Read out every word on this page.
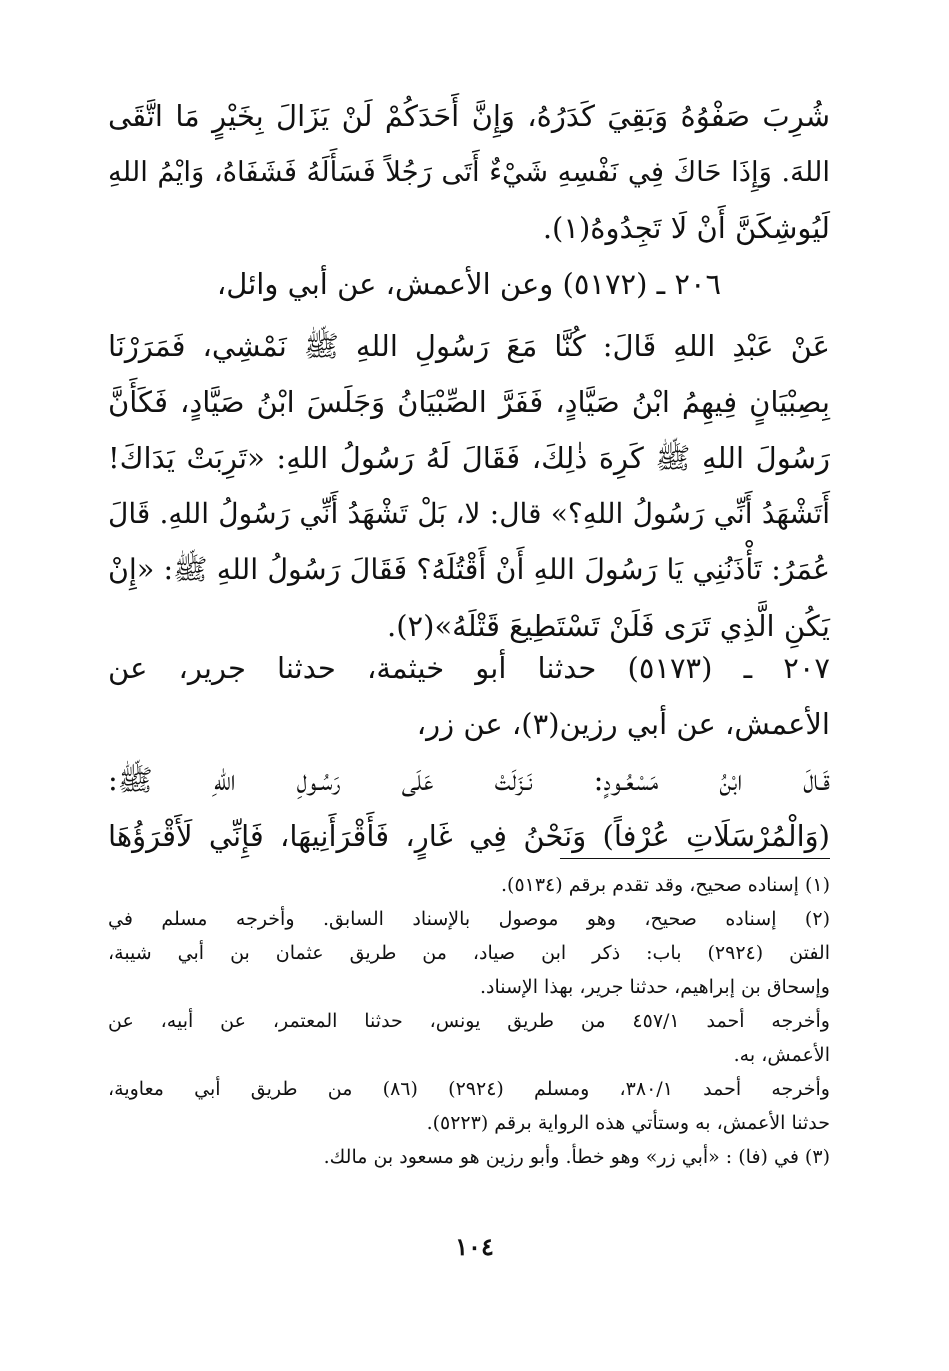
شُرِبَ صَفْوُهُ وَبَقِيَ كَدَرُهُ، وَإِنَّ أَحَدَكُمْ لَنْ يَزَالَ بِخَيْرٍ مَا اتَّقَى
اللهَ. وَإِذَا حَاكَ فِي نَفْسِهِ شَيْءٌ أَتَى رَجُلاً فَسَأَلَهُ فَشَفَاهُ، وَايْمُ اللهِ
لَيُوشِكَنَّ أَنْ لَا تَجِدُوهُ(١).
٢٠٦ ـ (٥١٧٢) وعن الأعمش، عن أبي وائل،
عَنْ عَبْدِ اللهِ قَالَ: كُنَّا مَعَ رَسُولِ اللهِ ﷺ نَمْشِي، فَمَرَرْنَا
بِصِبْيَانٍ فِيهِمُ ابْنُ صَيَّادٍ، فَفَرَّ الصِّبْيَانُ وَجَلَسَ ابْنُ صَيَّادٍ، فَكَأَنَّ
رَسُولَ اللهِ ﷺ كَرِهَ ذٰلِكَ، فَقَالَ لَهُ رَسُولُ اللهِ: «تَرِبَتْ يَدَاكَ!
أَتَشْهَدُ أَنِّي رَسُولُ اللهِ؟» قال: لا، بَلْ تَشْهَدُ أَنِّي رَسُولُ اللهِ. قَالَ
عُمَرُ: تَأْذَنُنِي يَا رَسُولَ اللهِ أَنْ أَقْتُلَهُ؟ فَقَالَ رَسُولُ اللهِ ﷺ: «إِنْ
يَكُنِ الَّذِي تَرَى فَلَنْ تَسْتَطِيعَ قَتْلَهُ»(٢).
٢٠٧ ـ (٥١٧٣) حدثنا أبو خيثمة، حدثنا جرير، عن
الأعمش، عن أبي رزين(٣)، عن زر،
قَـالَ ابْنُ مَسْعُـودٍ: نَـزَلَتْ عَلَى رَسُـولِ اللهِ ﷺ:
(وَالْمُرْسَلَاتِ عُرْفاً) وَنَحْنُ فِي غَارٍ، فَأَقْرَأَنِيهَا، فَإِنِّي لَأَقْرَؤُهَا
(١) إسناده صحيح، وقد تقدم برقم (٥١٣٤).
(٢) إسناده صحيح، وهو موصول بالإسناد السابق. وأخرجه مسلم في
الفتن (٢٩٢٤) باب: ذكر ابن صياد، من طريق عثمان بن أبي شيبة،
وإسحاق بن إبراهيم، حدثنا جرير، بهذا الإسناد.
وأخرجه أحمد ٤٥٧/١ من طريق يونس، حدثنا المعتمر، عن أبيه، عن
الأعمش، به.
وأخرجه أحمد ٣٨٠/١، ومسلم (٢٩٢٤) (٨٦) من طريق أبي معاوية،
حدثنا الأعمش، به وستأتي هذه الرواية برقم (٥٢٢٣).
(٣) في (فا) : «أبي زر» وهو خطأ. وأبو رزين هو مسعود بن مالك.
١٠٤
